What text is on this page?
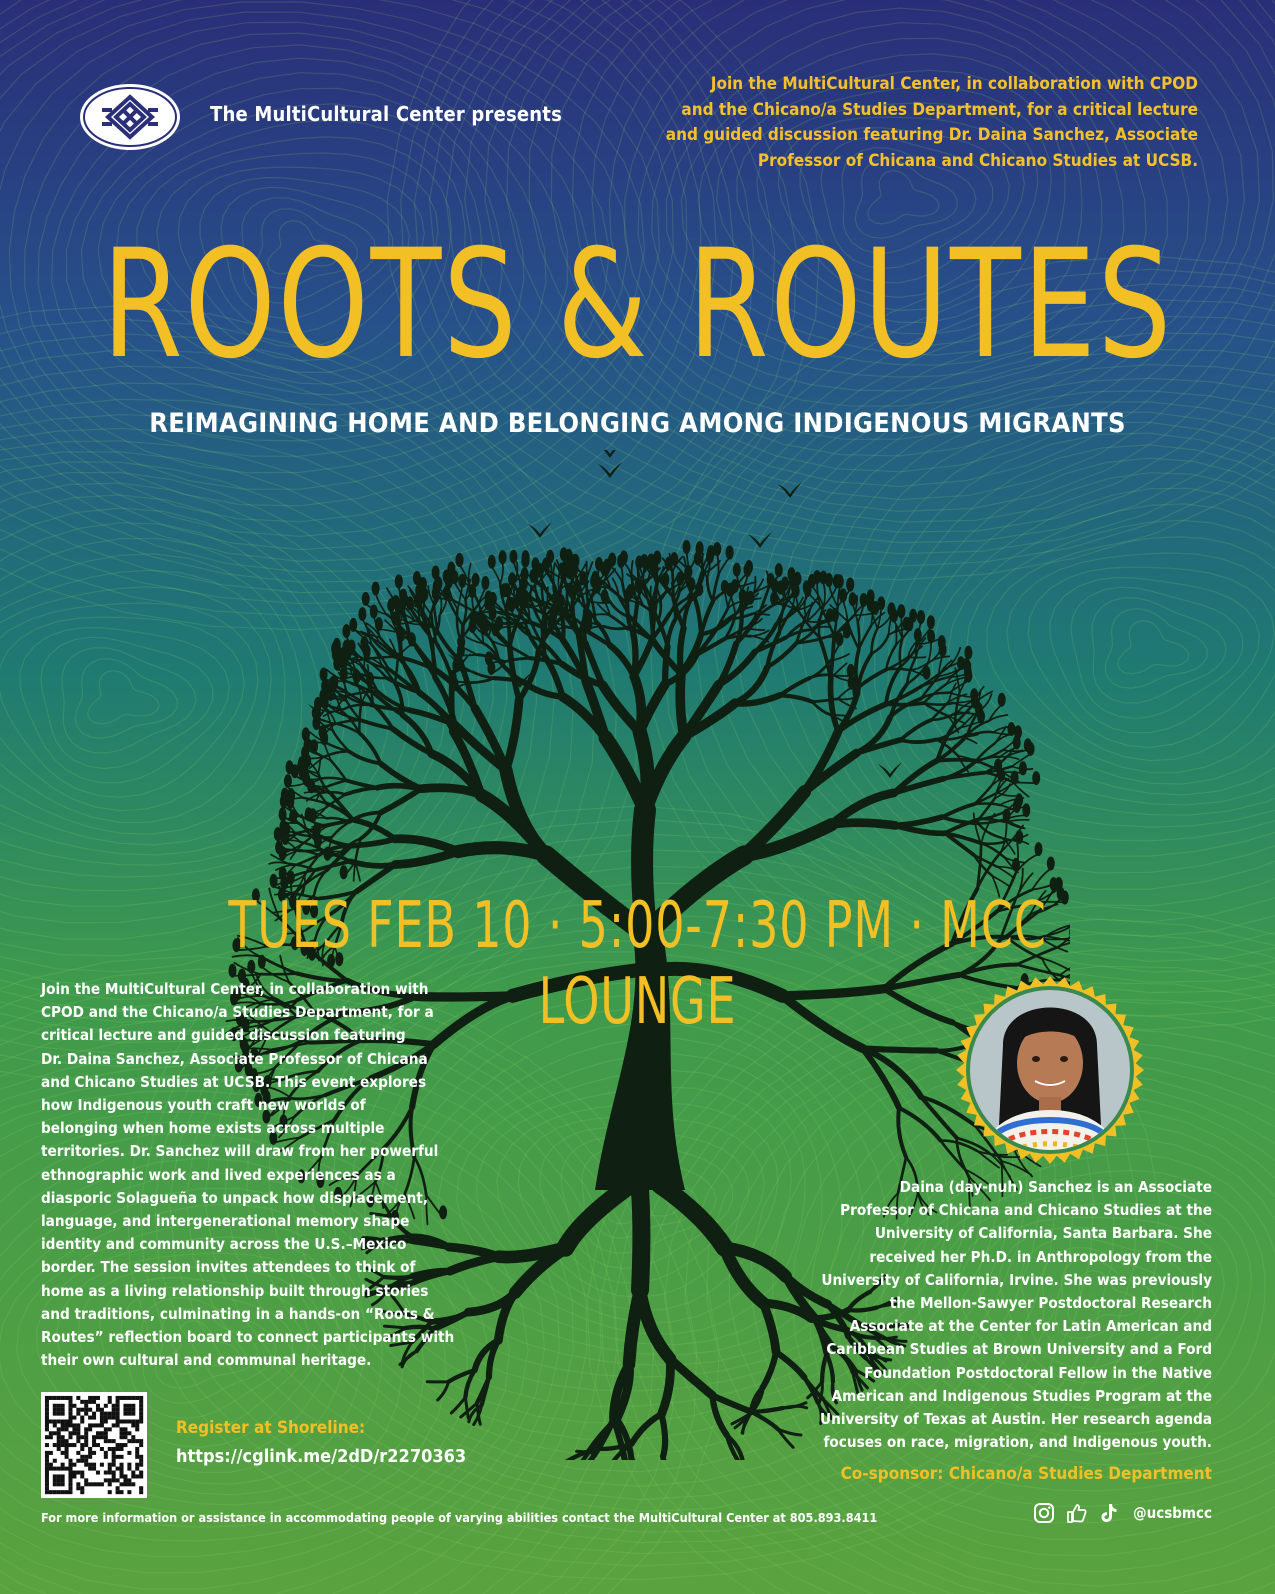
The MultiCultural Center presents
Join the MultiCultural Center, in collaboration with CPOD
and the Chicano/a Studies Department, for a critical lecture
and guided discussion featuring Dr. Daina Sanchez, Associate
Professor of Chicana and Chicano Studies at UCSB.
ROOTS & ROUTES
REIMAGINING HOME AND BELONGING AMONG INDIGENOUS MIGRANTS
TUES FEB 10 · 5:00-7:30 PM · MCC LOUNGE
Join the MultiCultural Center, in collaboration with
CPOD and the Chicano/a Studies Department, for a
critical lecture and guided discussion featuring
Dr. Daina Sanchez, Associate Professor of Chicana
and Chicano Studies at UCSB. This event explores
how Indigenous youth craft new worlds of
belonging when home exists across multiple
territories. Dr. Sanchez will draw from her powerful
ethnographic work and lived experiences as a
diasporic Solagueña to unpack how displacement,
language, and intergenerational memory shape
identity and community across the U.S.–Mexico
border. The session invites attendees to think of
home as a living relationship built through stories
and traditions, culminating in a hands-on “Roots &
Routes” reflection board to connect participants with
their own cultural and communal heritage.
Daina (day-nuh) Sanchez is an Associate
Professor of Chicana and Chicano Studies at the
University of California, Santa Barbara. She
received her Ph.D. in Anthropology from the
University of California, Irvine. She was previously
the Mellon-Sawyer Postdoctoral Research
Associate at the Center for Latin American and
Caribbean Studies at Brown University and a Ford
Foundation Postdoctoral Fellow in the Native
American and Indigenous Studies Program at the
University of Texas at Austin. Her research agenda
focuses on race, migration, and Indigenous youth.
Co-sponsor: Chicano/a Studies Department
Register at Shoreline:
https://cglink.me/2dD/r2270363
For more information or assistance in accommodating people of varying abilities contact the MultiCultural Center at 805.893.8411	@ucsbmcc
